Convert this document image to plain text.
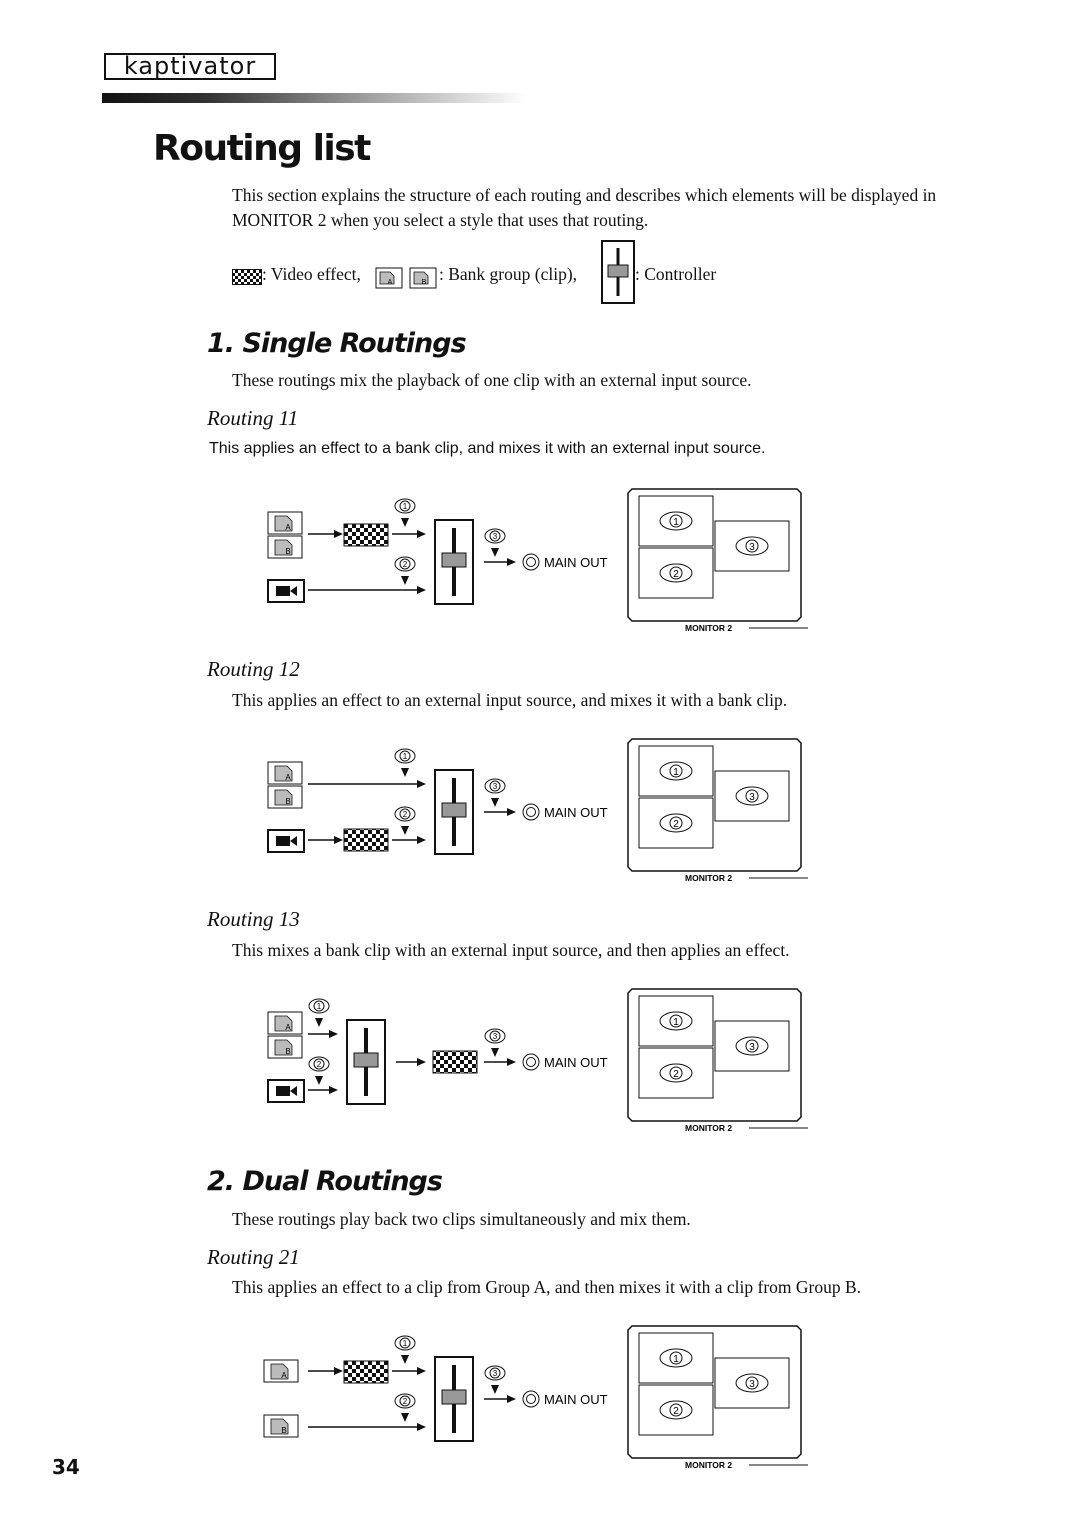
kaptivator
Routing list
This section explains the structure of each routing and describes which elements will be displayed in MONITOR 2 when you select a style that uses that routing.
: Video effect,	A	B : Bank group (clip),	: Controller
1. Single Routings
These routings mix the playback of one clip with an external input source.
Routing 11
This applies an effect to a bank clip, and mixes it with an external input source.
A
B
1
2
3
MAIN OUT
1
2
3
MONITOR 2
Routing 12
This applies an effect to an external input source, and mixes it with a bank clip.
A
B
1
2
3
MAIN OUT
1
2
3
MONITOR 2
Routing 13
This mixes a bank clip with an external input source, and then applies an effect.
A
B
1
2
3
MAIN OUT
1
2
3
MONITOR 2
2. Dual Routings
These routings play back two clips simultaneously and mix them.
Routing 21
This applies an effect to a clip from Group A, and then mixes it with a clip from Group B.
A
B
1
2
3
MAIN OUT
1
2
3
MONITOR 2
34
